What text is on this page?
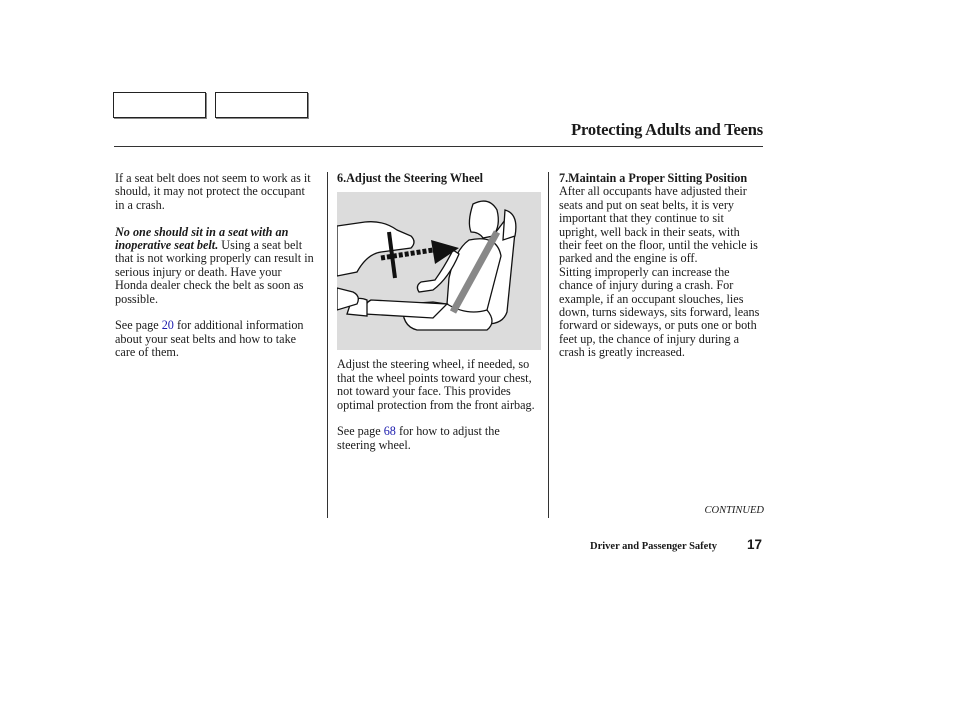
Protecting Adults and Teens

If a seat belt does not seem to work as it should, it may not protect the occupant in a crash.

No one should sit in a seat with an inoperative seat belt. Using a seat belt that is not working properly can result in serious injury or death. Have your Honda dealer check the belt as soon as possible.

See page 20 for additional information about your seat belts and how to take care of them.

6.Adjust the Steering Wheel

Adjust the steering wheel, if needed, so that the wheel points toward your chest, not toward your face. This provides optimal protection from the front airbag.

See page 68 for how to adjust the steering wheel.

7.Maintain a Proper Sitting Position

After all occupants have adjusted their seats and put on seat belts, it is very important that they continue to sit upright, well back in their seats, with their feet on the floor, until the vehicle is parked and the engine is off.

Sitting improperly can increase the chance of injury during a crash. For example, if an occupant slouches, lies down, turns sideways, sits forward, leans forward or sideways, or puts one or both feet up, the chance of injury during a crash is greatly increased.

CONTINUED
Driver and Passenger Safety 17
